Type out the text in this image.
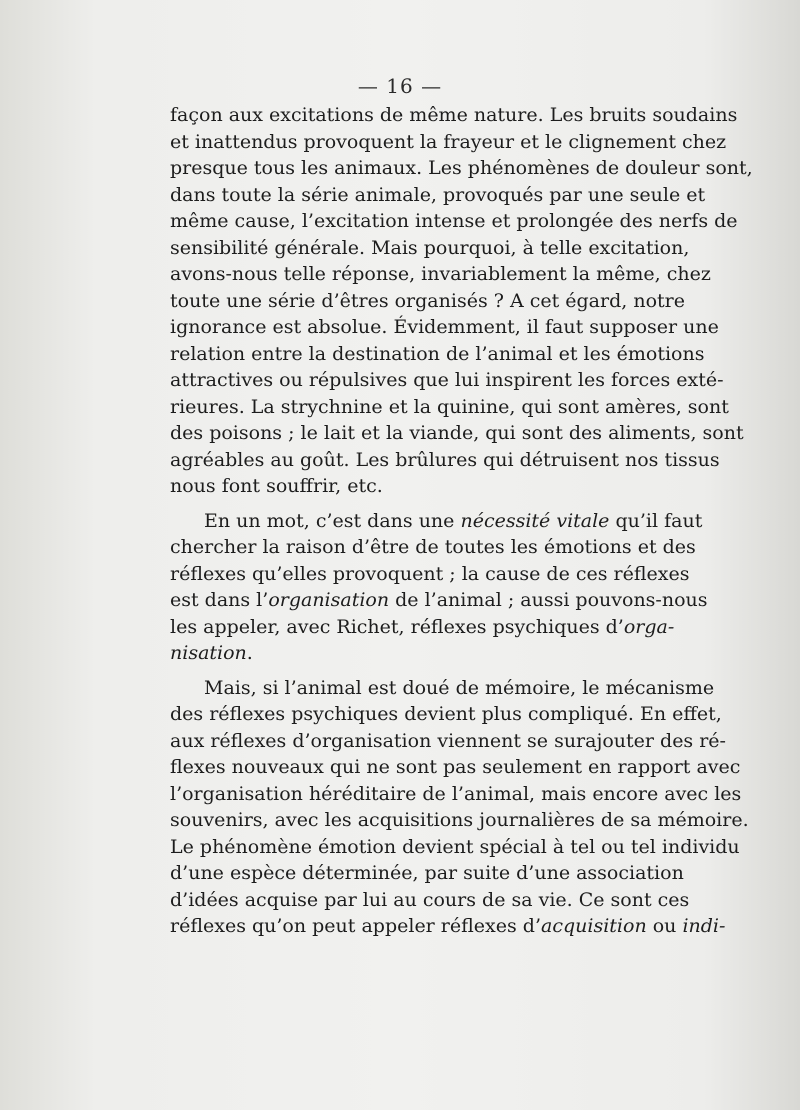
— 16 —
façon aux excitations de même nature. Les bruits soudains
et inattendus provoquent la frayeur et le clignement chez
presque tous les animaux. Les phénomènes de douleur sont,
dans toute la série animale, provoqués par une seule et
même cause, l’excitation intense et prolongée des nerfs de
sensibilité générale. Mais pourquoi, à telle excitation,
avons-nous telle réponse, invariablement la même, chez
toute une série d’êtres organisés ? A cet égard, notre
ignorance est absolue. Évidemment, il faut supposer une
relation entre la destination de l’animal et les émotions
attractives ou répulsives que lui inspirent les forces exté-
rieures. La strychnine et la quinine, qui sont amères, sont
des poisons ; le lait et la viande, qui sont des aliments, sont
agréables au goût. Les brûlures qui détruisent nos tissus
nous font souffrir, etc.
En un mot, c’est dans une nécessité vitale qu’il faut
chercher la raison d’être de toutes les émotions et des
réflexes qu’elles provoquent ; la cause de ces réflexes
est dans l’organisation de l’animal ; aussi pouvons-nous
les appeler, avec Richet, réflexes psychiques d’orga-
nisation.
Mais, si l’animal est doué de mémoire, le mécanisme
des réflexes psychiques devient plus compliqué. En effet,
aux réflexes d’organisation viennent se surajouter des ré-
flexes nouveaux qui ne sont pas seulement en rapport avec
l’organisation héréditaire de l’animal, mais encore avec les
souvenirs, avec les acquisitions journalières de sa mémoire.
Le phénomène émotion devient spécial à tel ou tel individu
d’une espèce déterminée, par suite d’une association
d’idées acquise par lui au cours de sa vie. Ce sont ces
réflexes qu’on peut appeler réflexes d’acquisition ou indi-
